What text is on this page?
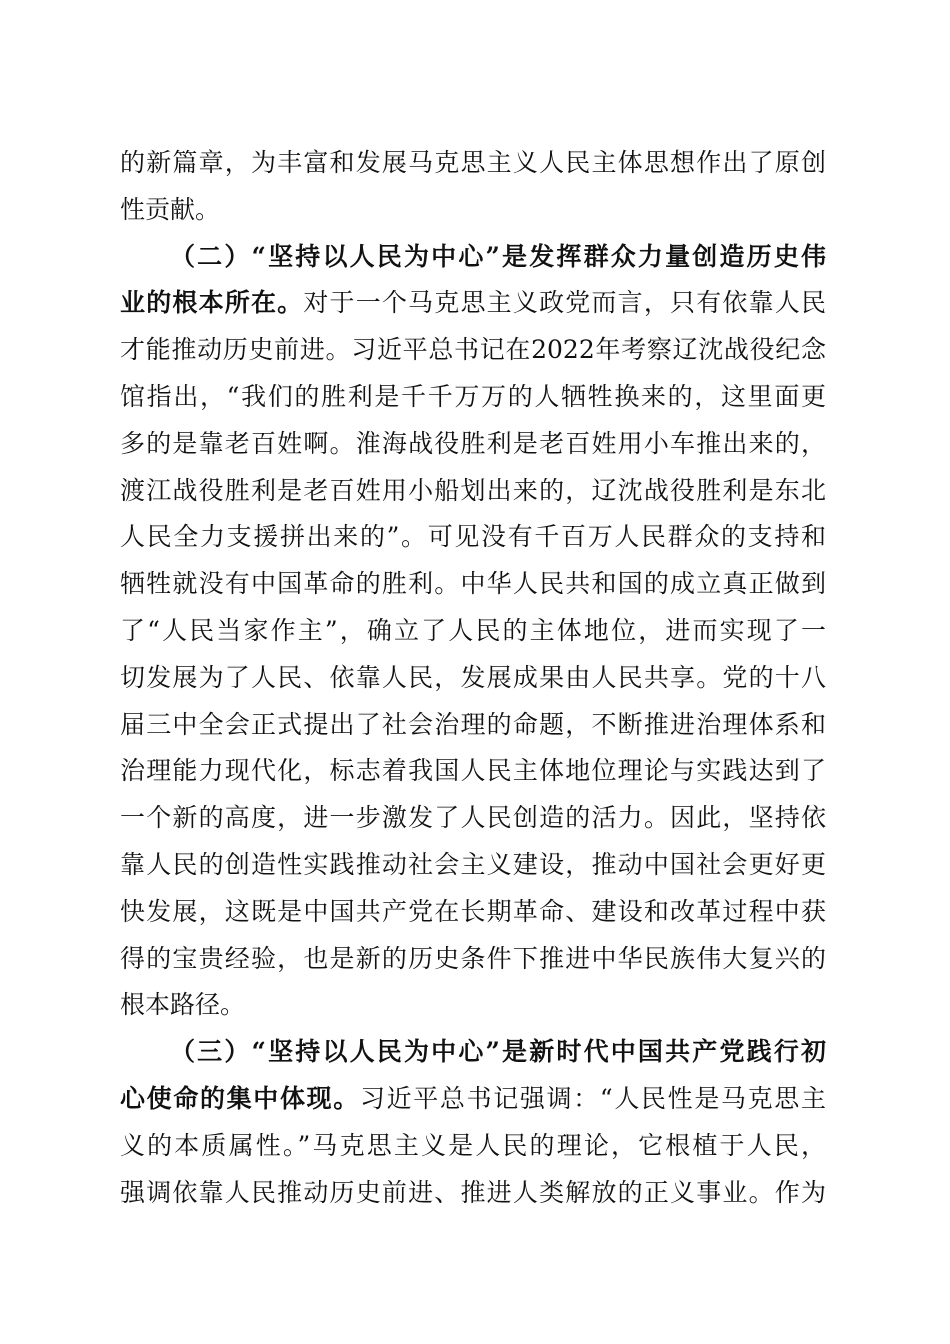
的新篇章，为丰富和发展马克思主义人民主体思想作出了原创
性贡献。
（二）“坚持以人民为中心”是发挥群众力量创造历史伟
业的根本所在。对于一个马克思主义政党而言，只有依靠人民
才能推动历史前进。习近平总书记在2022年考察辽沈战役纪念
馆指出，“我们的胜利是千千万万的人牺牲换来的，这里面更
多的是靠老百姓啊。淮海战役胜利是老百姓用小车推出来的，
渡江战役胜利是老百姓用小船划出来的，辽沈战役胜利是东北
人民全力支援拼出来的”。可见没有千百万人民群众的支持和
牺牲就没有中国革命的胜利。中华人民共和国的成立真正做到
了“人民当家作主”，确立了人民的主体地位，进而实现了一
切发展为了人民、依靠人民，发展成果由人民共享。党的十八
届三中全会正式提出了社会治理的命题，不断推进治理体系和
治理能力现代化，标志着我国人民主体地位理论与实践达到了
一个新的高度，进一步激发了人民创造的活力。因此，坚持依
靠人民的创造性实践推动社会主义建设，推动中国社会更好更
快发展，这既是中国共产党在长期革命、建设和改革过程中获
得的宝贵经验，也是新的历史条件下推进中华民族伟大复兴的
根本路径。
（三）“坚持以人民为中心”是新时代中国共产党践行初
心使命的集中体现。习近平总书记强调：“人民性是马克思主
义的本质属性。”马克思主义是人民的理论，它根植于人民，
强调依靠人民推动历史前进、推进人类解放的正义事业。作为
